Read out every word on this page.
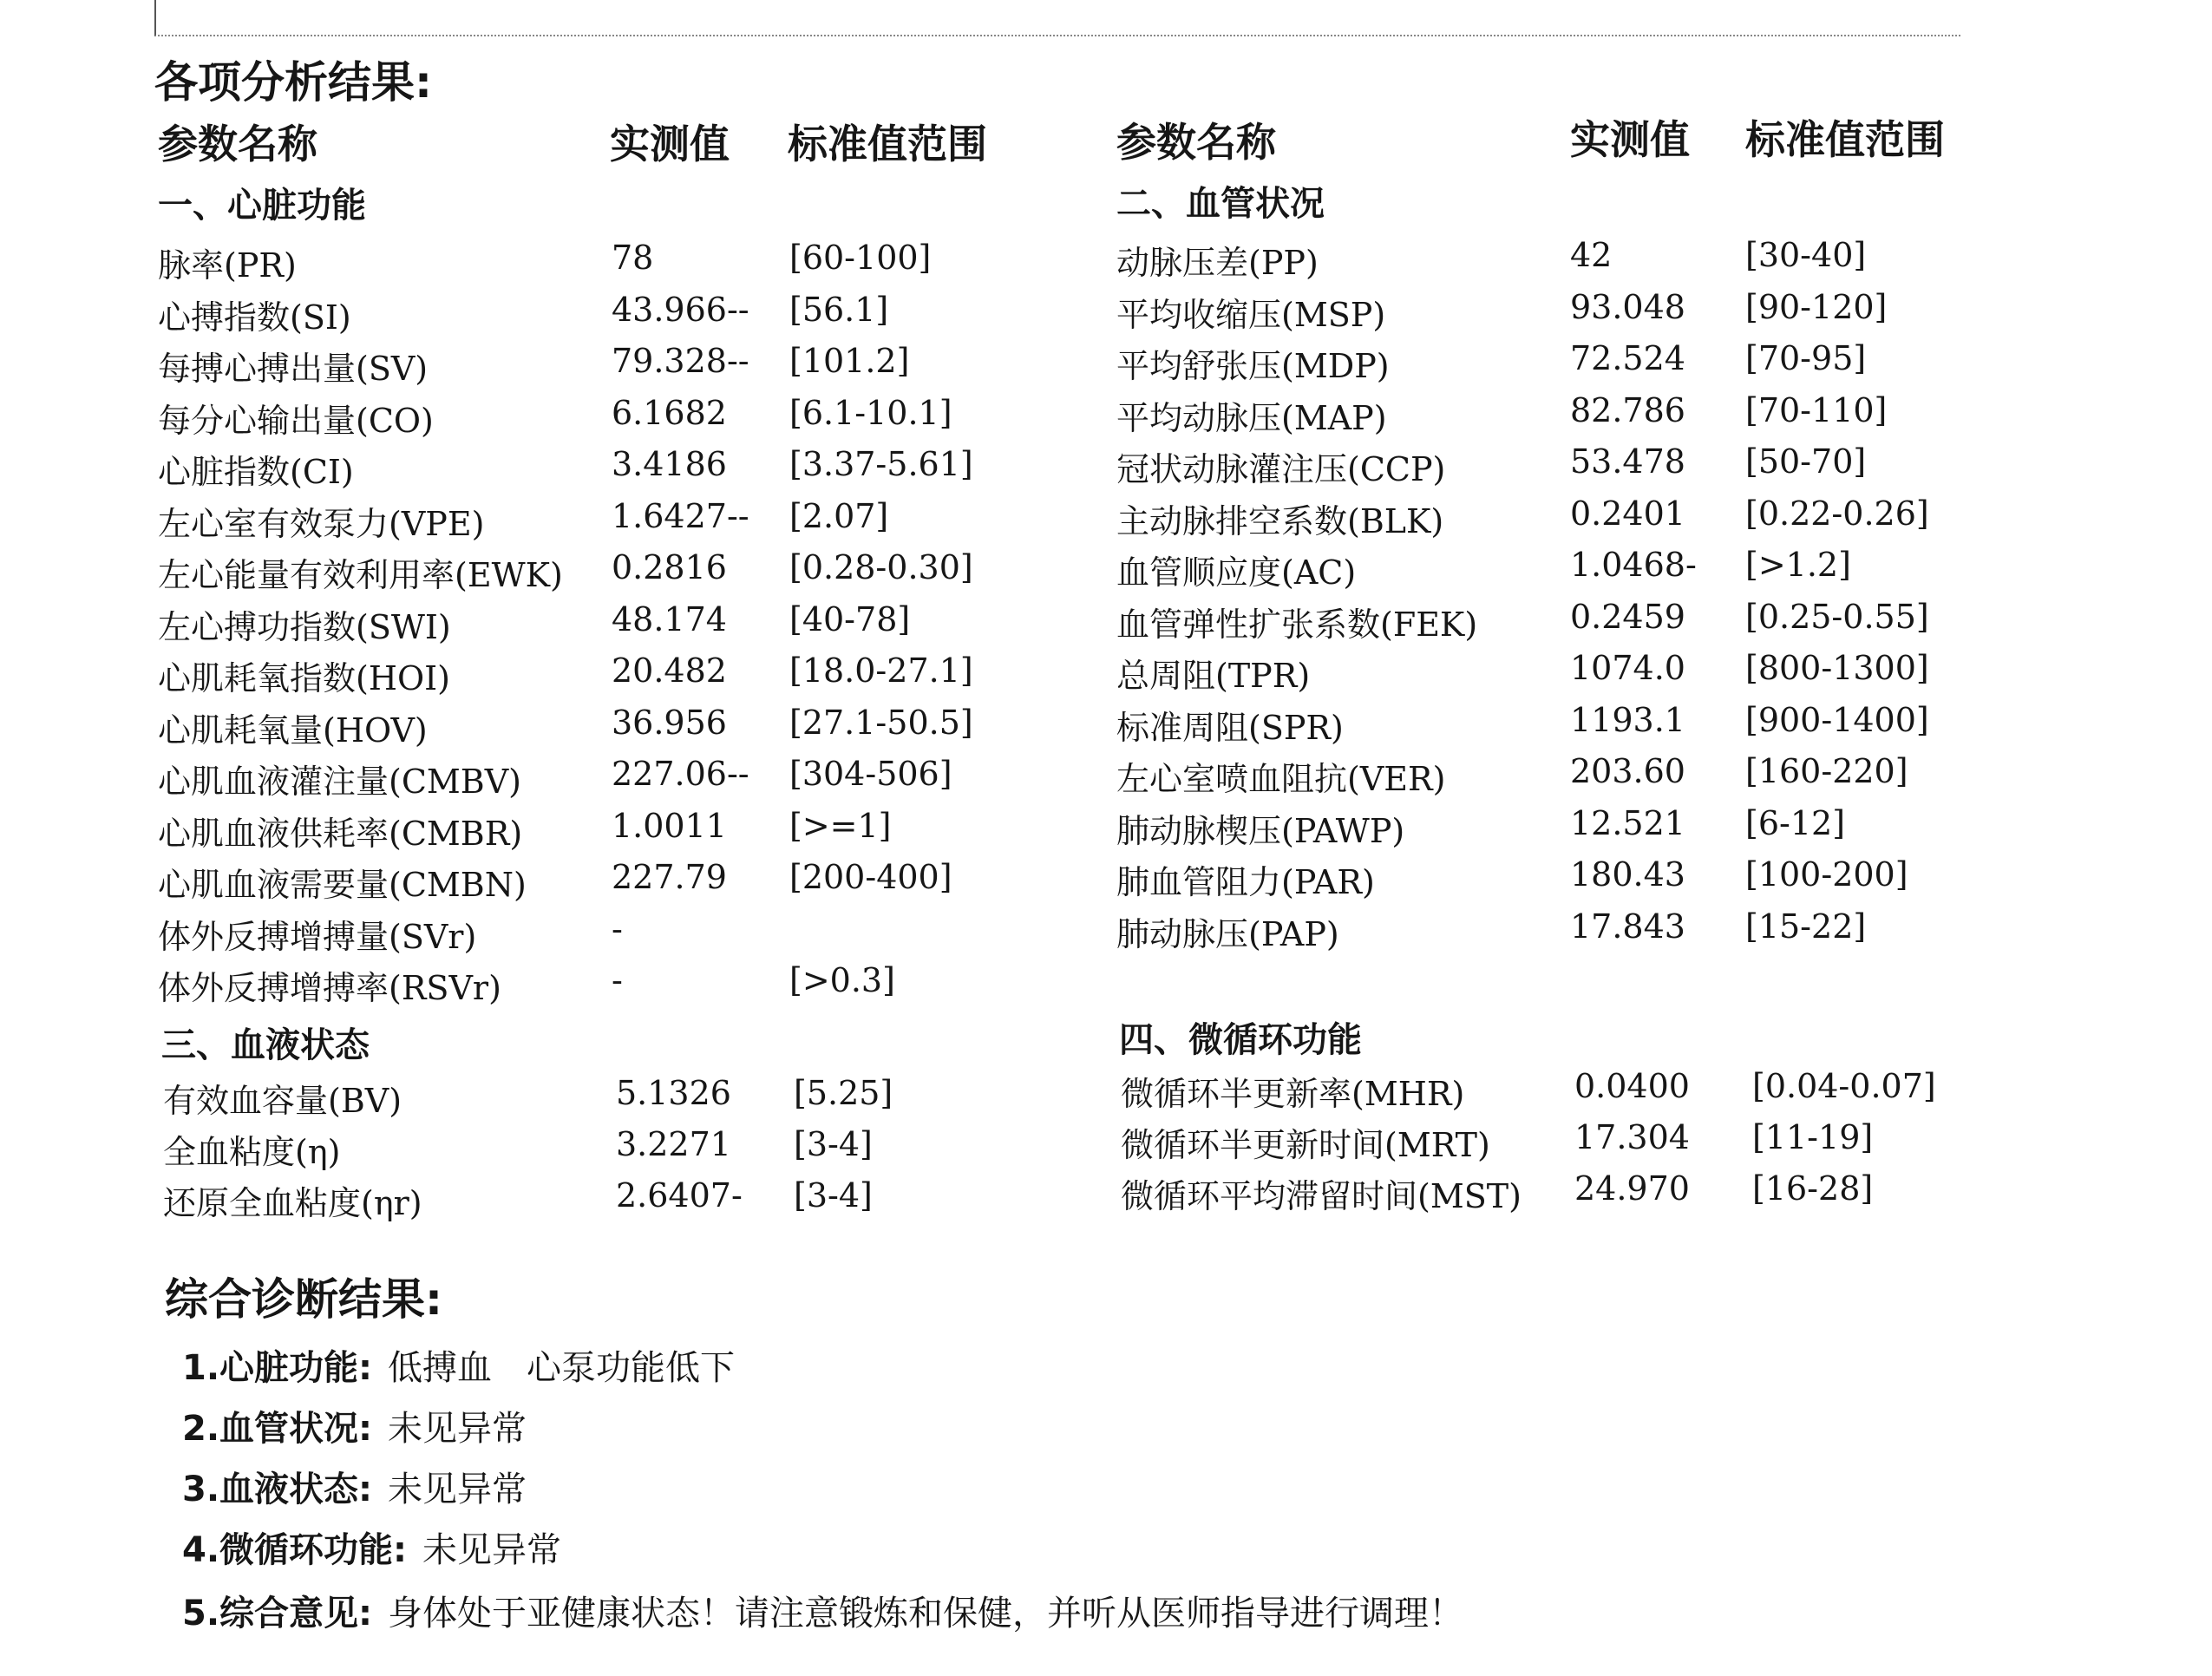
各项分析结果:
参数名称	实测值 标准值范围	参数名称	实测值 标准值范围
一、心脏功能
脉率(PR)	78	[60-100]
心搏指数(SI)	43.966-- [56.1]
每搏心搏出量(SV)	79.328-- [101.2]
每分心输出量(CO)	6.1682 [6.1-10.1]
心脏指数(CI)	3.4186 [3.37-5.61]
左心室有效泵力(VPE)	1.6427-- [2.07]
左心能量有效利用率(EWK) 0.2816 [0.28-0.30]
左心搏功指数(SWI)	48.174 [40-78]
心肌耗氧指数(HOI)	20.482 [18.0-27.1]
心肌耗氧量(HOV)	36.956 [27.1-50.5]
心肌血液灌注量(CMBV)	227.06-- [304-506]
心肌血液供耗率(CMBR)	1.0011 [>=1]
心肌血液需要量(CMBN)	227.79 [200-400]
体外反搏增搏量(SVr)	-
体外反搏增搏率(RSVr)	-	[>0.3]
三、血液状态
有效血容量(BV)	5.1326 [5.25]
全血粘度(η)	3.2271 [3-4]
还原全血粘度(ηr)	2.6407- [3-4]
二、血管状况
动脉压差(PP)	42	[30-40]
平均收缩压(MSP)	93.048 [90-120]
平均舒张压(MDP)	72.524 [70-95]
平均动脉压(MAP)	82.786 [70-110]
冠状动脉灌注压(CCP)	53.478 [50-70]
主动脉排空系数(BLK)	0.2401 [0.22-0.26]
血管顺应度(AC)	1.0468- [>1.2]
血管弹性扩张系数(FEK)	0.2459 [0.25-0.55]
总周阻(TPR)	1074.0 [800-1300]
标准周阻(SPR)	1193.1 [900-1400]
左心室喷血阻抗(VER)	203.60 [160-220]
肺动脉楔压(PAWP)	12.521 [6-12]
肺血管阻力(PAR)	180.43 [100-200]
肺动脉压(PAP)	17.843 [15-22]
四、微循环功能
微循环半更新率(MHR)	0.0400 [0.04-0.07]
微循环半更新时间(MRT)	17.304 [11-19]
微循环平均滞留时间(MST) 24.970 [16-28]
综合诊断结果:
1.心脏功能: 低搏血　心泵功能低下
2.血管状况: 未见异常
3.血液状态: 未见异常
4.微循环功能: 未见异常
5.综合意见: 身体处于亚健康状态！请注意锻炼和保健，并听从医师指导进行调理！
